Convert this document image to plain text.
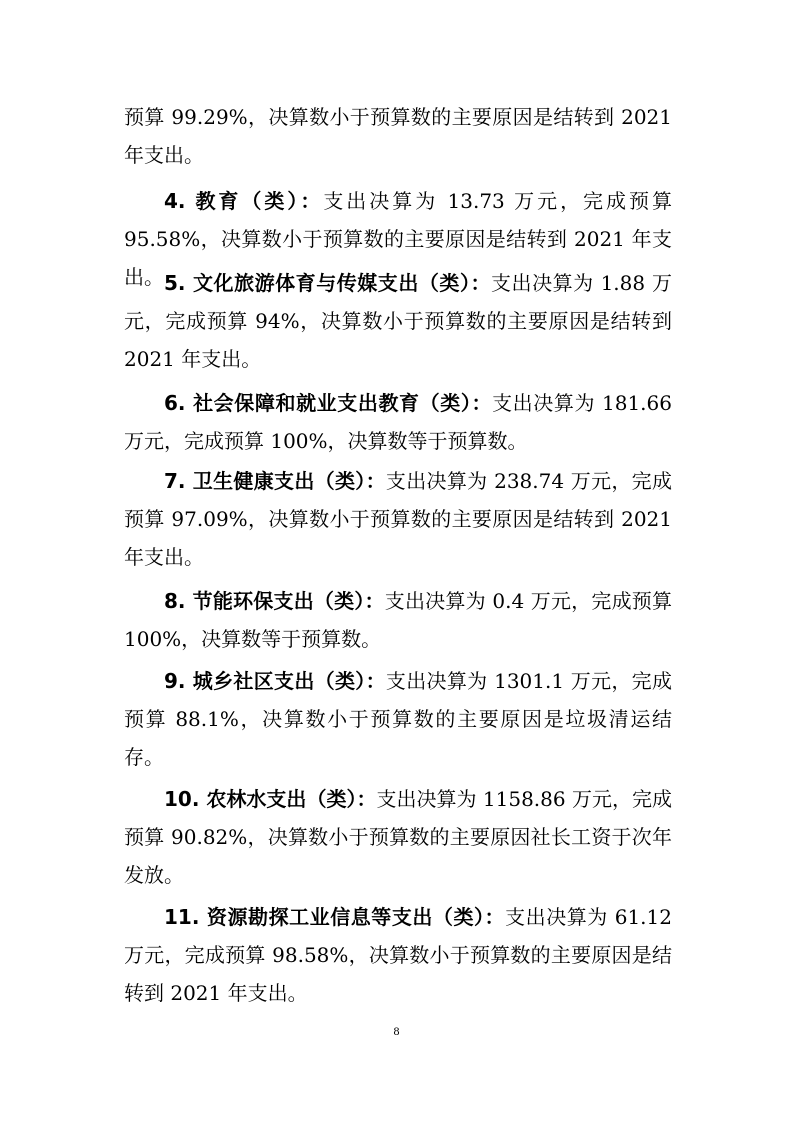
预算 99.29%，决算数小于预算数的主要原因是结转到 2021 年支出。

4. 教育（类）：支出决算为 13.73 万元，完成预算 95.58%，决算数小于预算数的主要原因是结转到 2021 年支出。 5. 文化旅游体育与传媒支出（类）：支出决算为 1.88 万元，完成预算 94%，决算数小于预算数的主要原因是结转到 2021 年支出。

6. 社会保障和就业支出教育（类）：支出决算为 181.66 万元，完成预算 100%，决算数等于预算数。

7. 卫生健康支出（类）：支出决算为 238.74 万元，完成预算 97.09%，决算数小于预算数的主要原因是结转到 2021 年支出。

8. 节能环保支出（类）：支出决算为 0.4 万元，完成预算 100%，决算数等于预算数。

9. 城乡社区支出（类）：支出决算为 1301.1 万元，完成预算 88.1%，决算数小于预算数的主要原因是垃圾清运结存。

10. 农林水支出（类）：支出决算为 1158.86 万元，完成预算 90.82%，决算数小于预算数的主要原因社长工资于次年发放。

11. 资源勘探工业信息等支出（类）：支出决算为 61.12 万元，完成预算 98.58%，决算数小于预算数的主要原因是结转到 2021 年支出。

8
